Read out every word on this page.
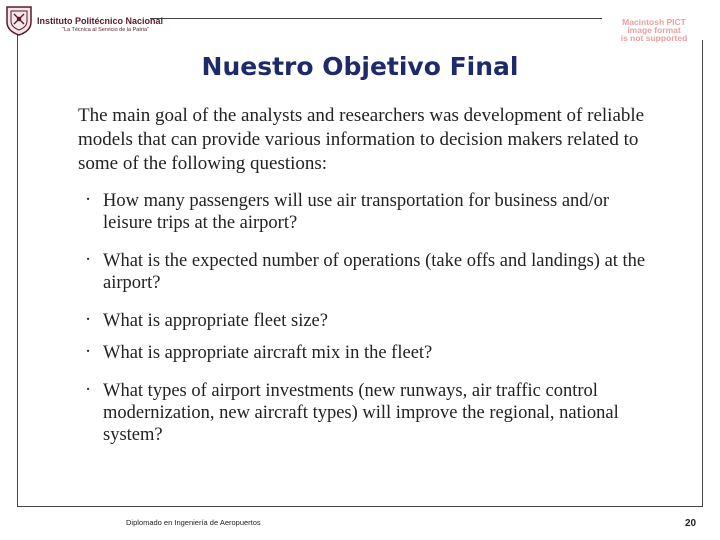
Instituto Politécnico Nacional
"La Técnica al Servicio de la Patria"
Macintosh PICT
image format
is not supported
Nuestro Objetivo Final

The main goal of the analysts and researchers was development of reliable models that can provide various information to decision makers related to some of the following questions:

· How many passengers will use air transportation for business and/or leisure trips at the airport?
· What is the expected number of operations (take offs and landings) at the airport?
· What is appropriate fleet size?
· What is appropriate aircraft mix in the fleet?
· What types of airport investments (new runways, air traffic control modernization, new aircraft types) will improve the regional, national system?
Diplomado en Ingeniería de Aeropuertos	20
